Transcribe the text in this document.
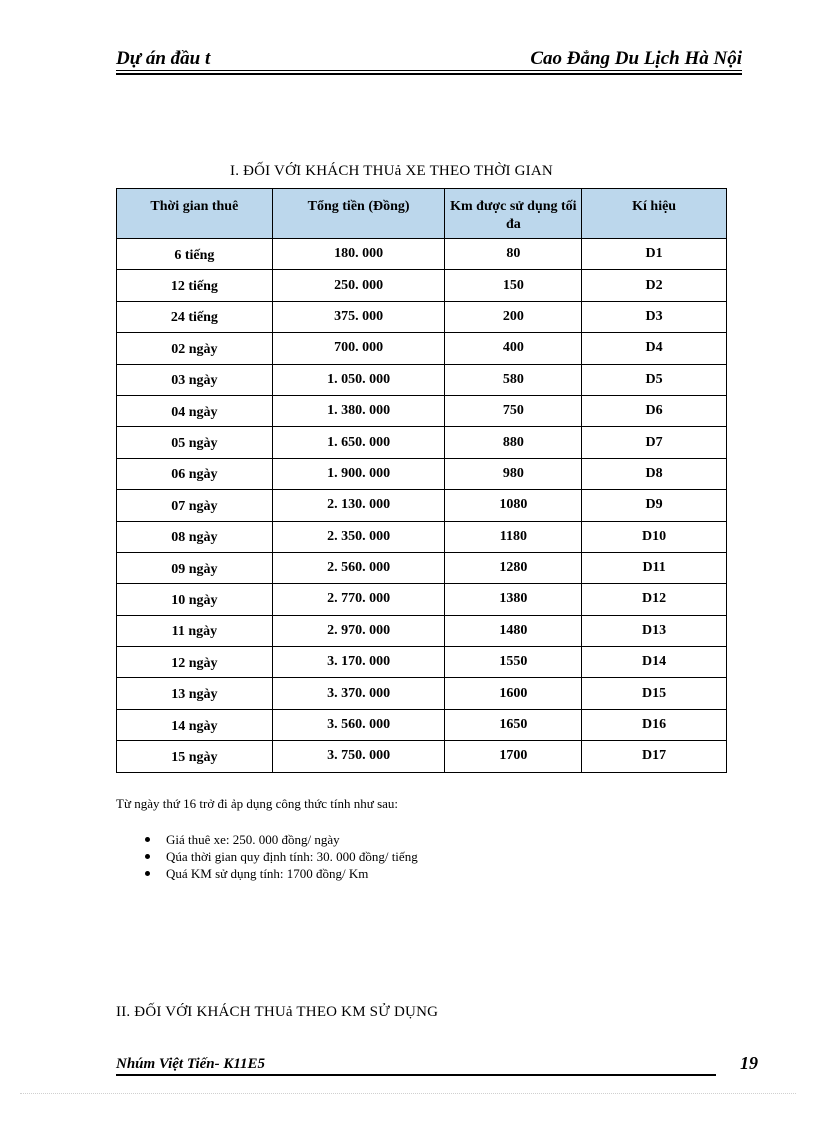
Dự án đầu t	Cao Đẳng Du Lịch Hà Nội
I. ĐỐI VỚI KHÁCH THUả XE THEO THỜI GIAN
Thời gian thuê	Tổng tiền (Đồng)	Km được sử dụng tối đa	Kí hiệu
6 tiếng	180. 000	80	D1
12 tiếng	250. 000	150	D2
24 tiếng	375. 000	200	D3
02 ngày	700. 000	400	D4
03 ngày	1. 050. 000	580	D5
04 ngày	1. 380. 000	750	D6
05 ngày	1. 650. 000	880	D7
06 ngày	1. 900. 000	980	D8
07 ngày	2. 130. 000	1080	D9
08 ngày	2. 350. 000	1180	D10
09 ngày	2. 560. 000	1280	D11
10 ngày	2. 770. 000	1380	D12
11 ngày	2. 970. 000	1480	D13
12 ngày	3. 170. 000	1550	D14
13 ngày	3. 370. 000	1600	D15
14 ngày	3. 560. 000	1650	D16
15 ngày	3. 750. 000	1700	D17
Từ ngày thứ 16 trở đi ảp dụng công thức tính như sau:
Giá thuê xe: 250. 000 đồng/ ngày
Qúa thời gian quy định tính: 30. 000 đồng/ tiếng
Quá KM sử dụng tính: 1700 đồng/ Km
II. ĐỐI VỚI KHÁCH THUả THEO KM SỬ DỤNG
Nhúm Việt Tiến- K11E5	19
